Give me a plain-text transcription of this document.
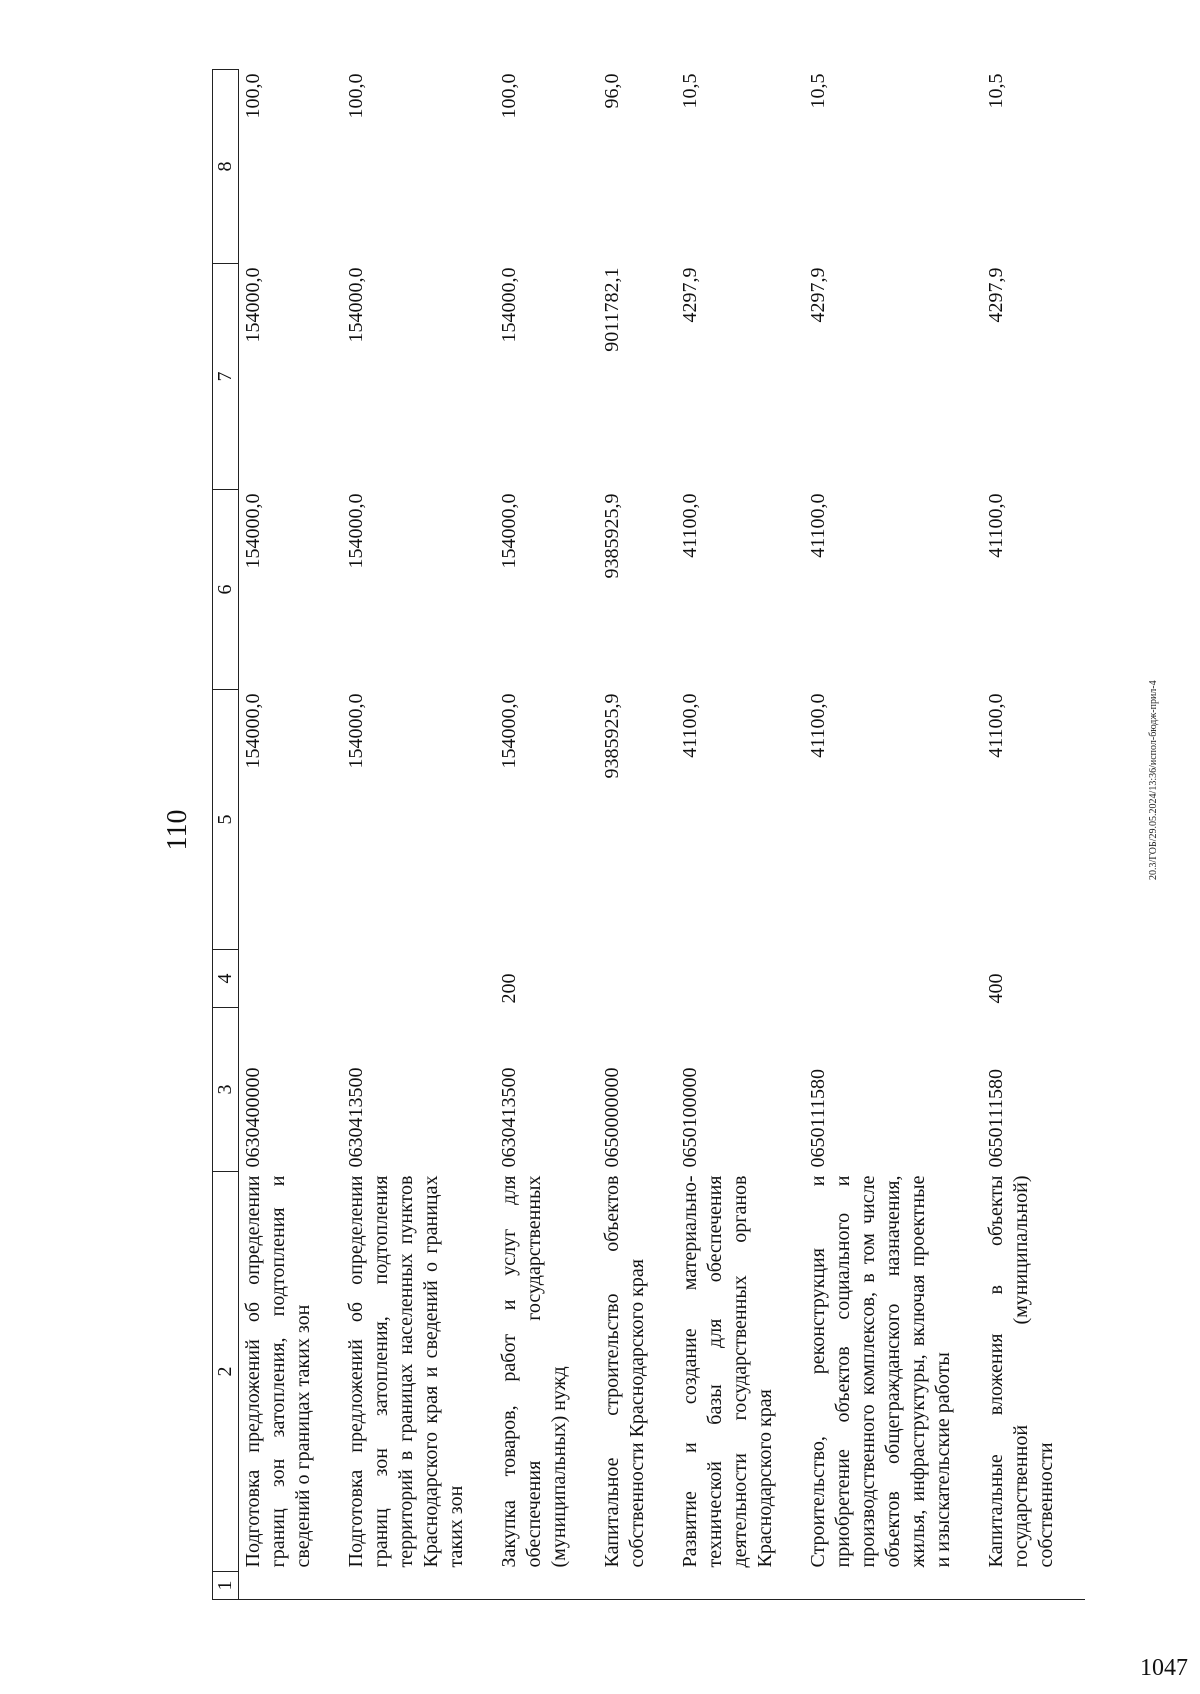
110
1	2	3	4	5	6	7	8
	Подготовка предложений об определении границ зон затопления, подтопления и сведений о границах таких зон	0630400000		154000,0	154000,0	154000,0	100,0
	Подготовка предложений об определении границ зон затопления, подтопления территорий в границах населенных пунктов Краснодарского края и сведений о границах таких зон	0630413500		154000,0	154000,0	154000,0	100,0
	Закупка товаров, работ и услуг для обеспечения государственных (муниципальных) нужд	0630413500	200	154000,0	154000,0	154000,0	100,0
	Капитальное строительство объектов собственности Краснодарского края	0650000000		9385925,9	9385925,9	9011782,1	96,0
	Развитие и создание материально-технической базы для обеспечения деятельности государственных органов Краснодарского края	0650100000		41100,0	41100,0	4297,9	10,5
	Строительство, реконструкция и приобретение объектов социального и производственного комплексов, в том числе объектов общегражданского назначения, жилья, инфраструктуры, включая проектные и изыскательские работы	0650111580		41100,0	41100,0	4297,9	10,5
	Капитальные вложения в объекты государственной (муниципальной) собственности	0650111580	400	41100,0	41100,0	4297,9	10,5
20.3/ГОБ/29.05.2024/13:36/испол-бюдж-прил-4
1047
